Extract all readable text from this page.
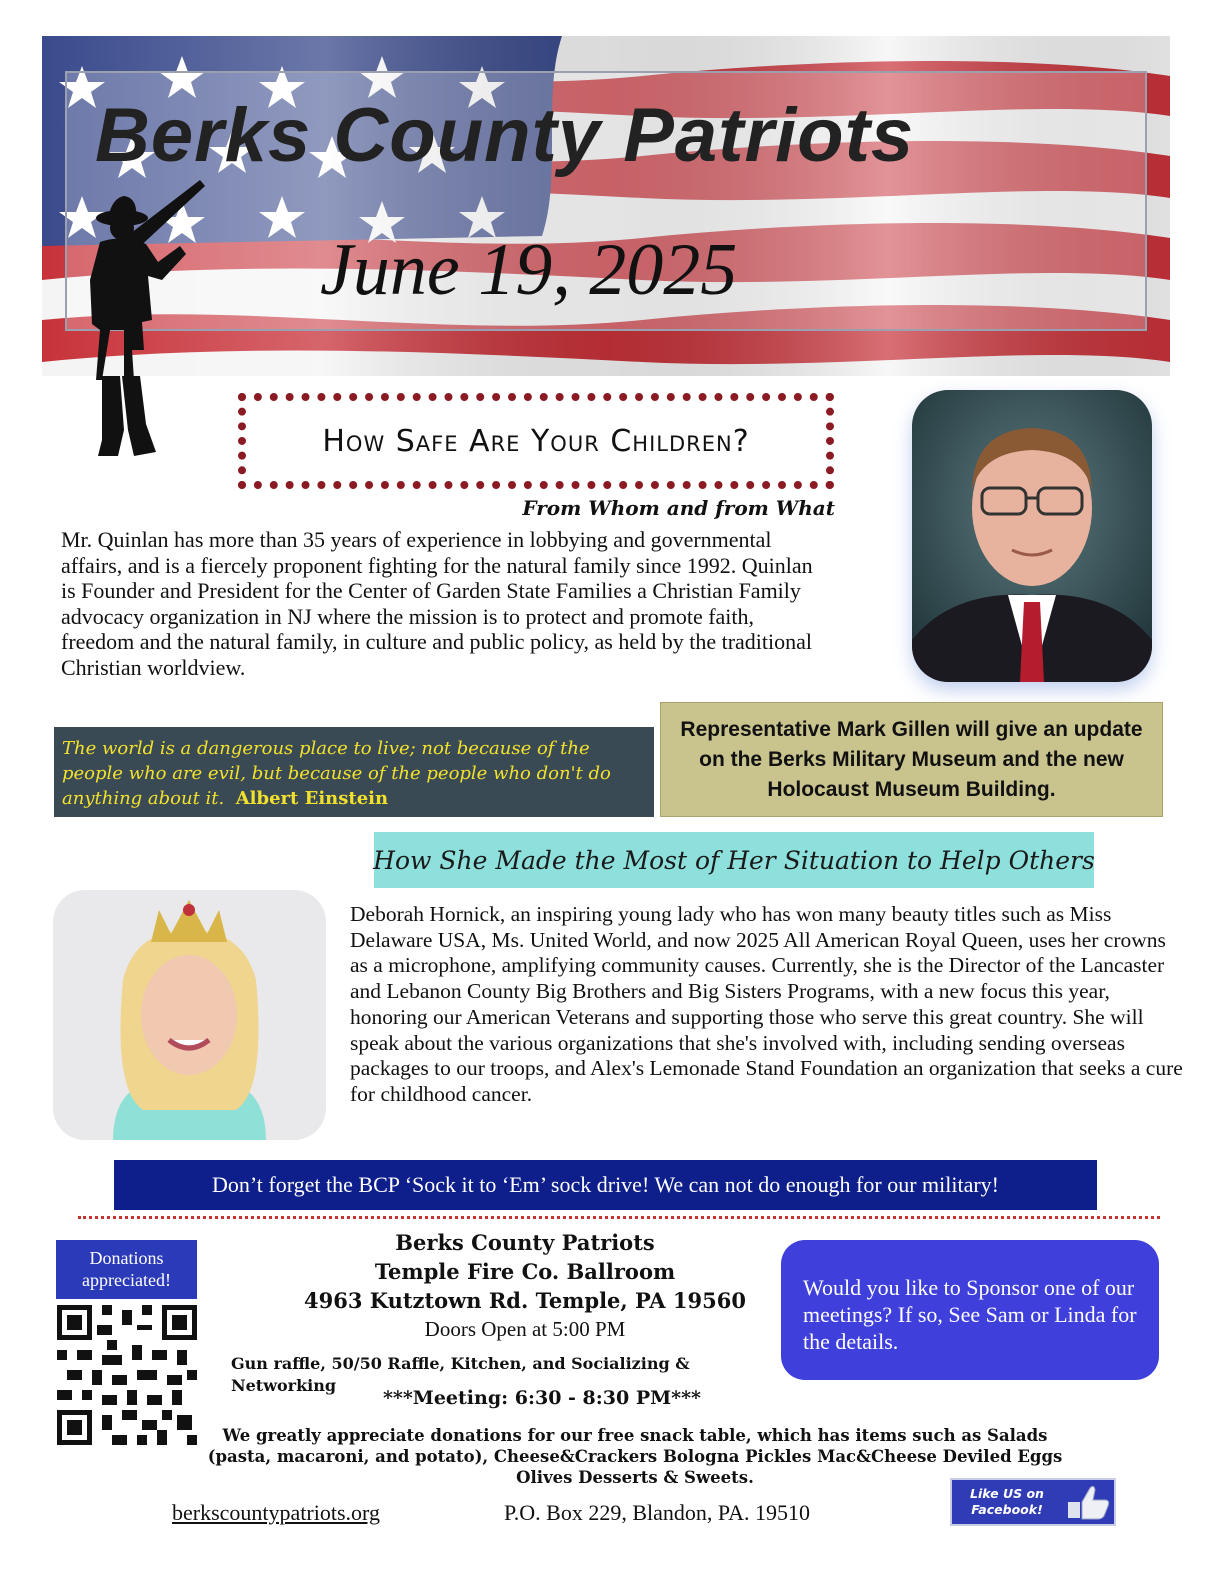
Berks County Patriots
June 19, 2025
How Safe Are Your Children?
From Whom and from What
Mr. Quinlan has more than 35 years of experience in lobbying and governmental affairs, and is a fiercely proponent fighting for the natural family since 1992. Quinlan is Founder and President for the Center of Garden State Families a Christian Family advocacy organization in NJ where the mission is to protect and promote faith, freedom and the natural family, in culture and public policy, as held by the traditional Christian worldview.
The world is a dangerous place to live; not because of the people who are evil, but because of the people who don't do anything about it. Albert Einstein
Representative Mark Gillen will give an update on the Berks Military Museum and the new Holocaust Museum Building.
How She Made the Most of Her Situation to Help Others
Deborah Hornick, an inspiring young lady who has won many beauty titles such as Miss Delaware USA, Ms. United World, and now 2025 All American Royal Queen, uses her crowns as a microphone, amplifying community causes. Currently, she is the Director of the Lancaster and Lebanon County Big Brothers and Big Sisters Programs, with a new focus this year, honoring our American Veterans and supporting those who serve this great country. She will speak about the various organizations that she's involved with, including sending overseas packages to our troops, and Alex's Lemonade Stand Foundation an organization that seeks a cure for childhood cancer.
Don’t forget the BCP ‘Sock it to ‘Em’ sock drive! We can not do enough for our military!
Donations appreciated!
Berks County Patriots
Temple Fire Co. Ballroom
4963 Kutztown Rd. Temple, PA 19560
Doors Open at 5:00 PM
Gun raffle, 50/50 Raffle, Kitchen, and Socializing & Networking
***Meeting: 6:30 - 8:30 PM***
Would you like to Sponsor one of our meetings? If so, See Sam or Linda for the details.
We greatly appreciate donations for our free snack table, which has items such as Salads (pasta, macaroni, and potato), Cheese&Crackers Bologna Pickles Mac&Cheese Deviled Eggs Olives Desserts & Sweets.
berkscountypatriots.org	P.O. Box 229, Blandon, PA. 19510
Like US on Facebook!
